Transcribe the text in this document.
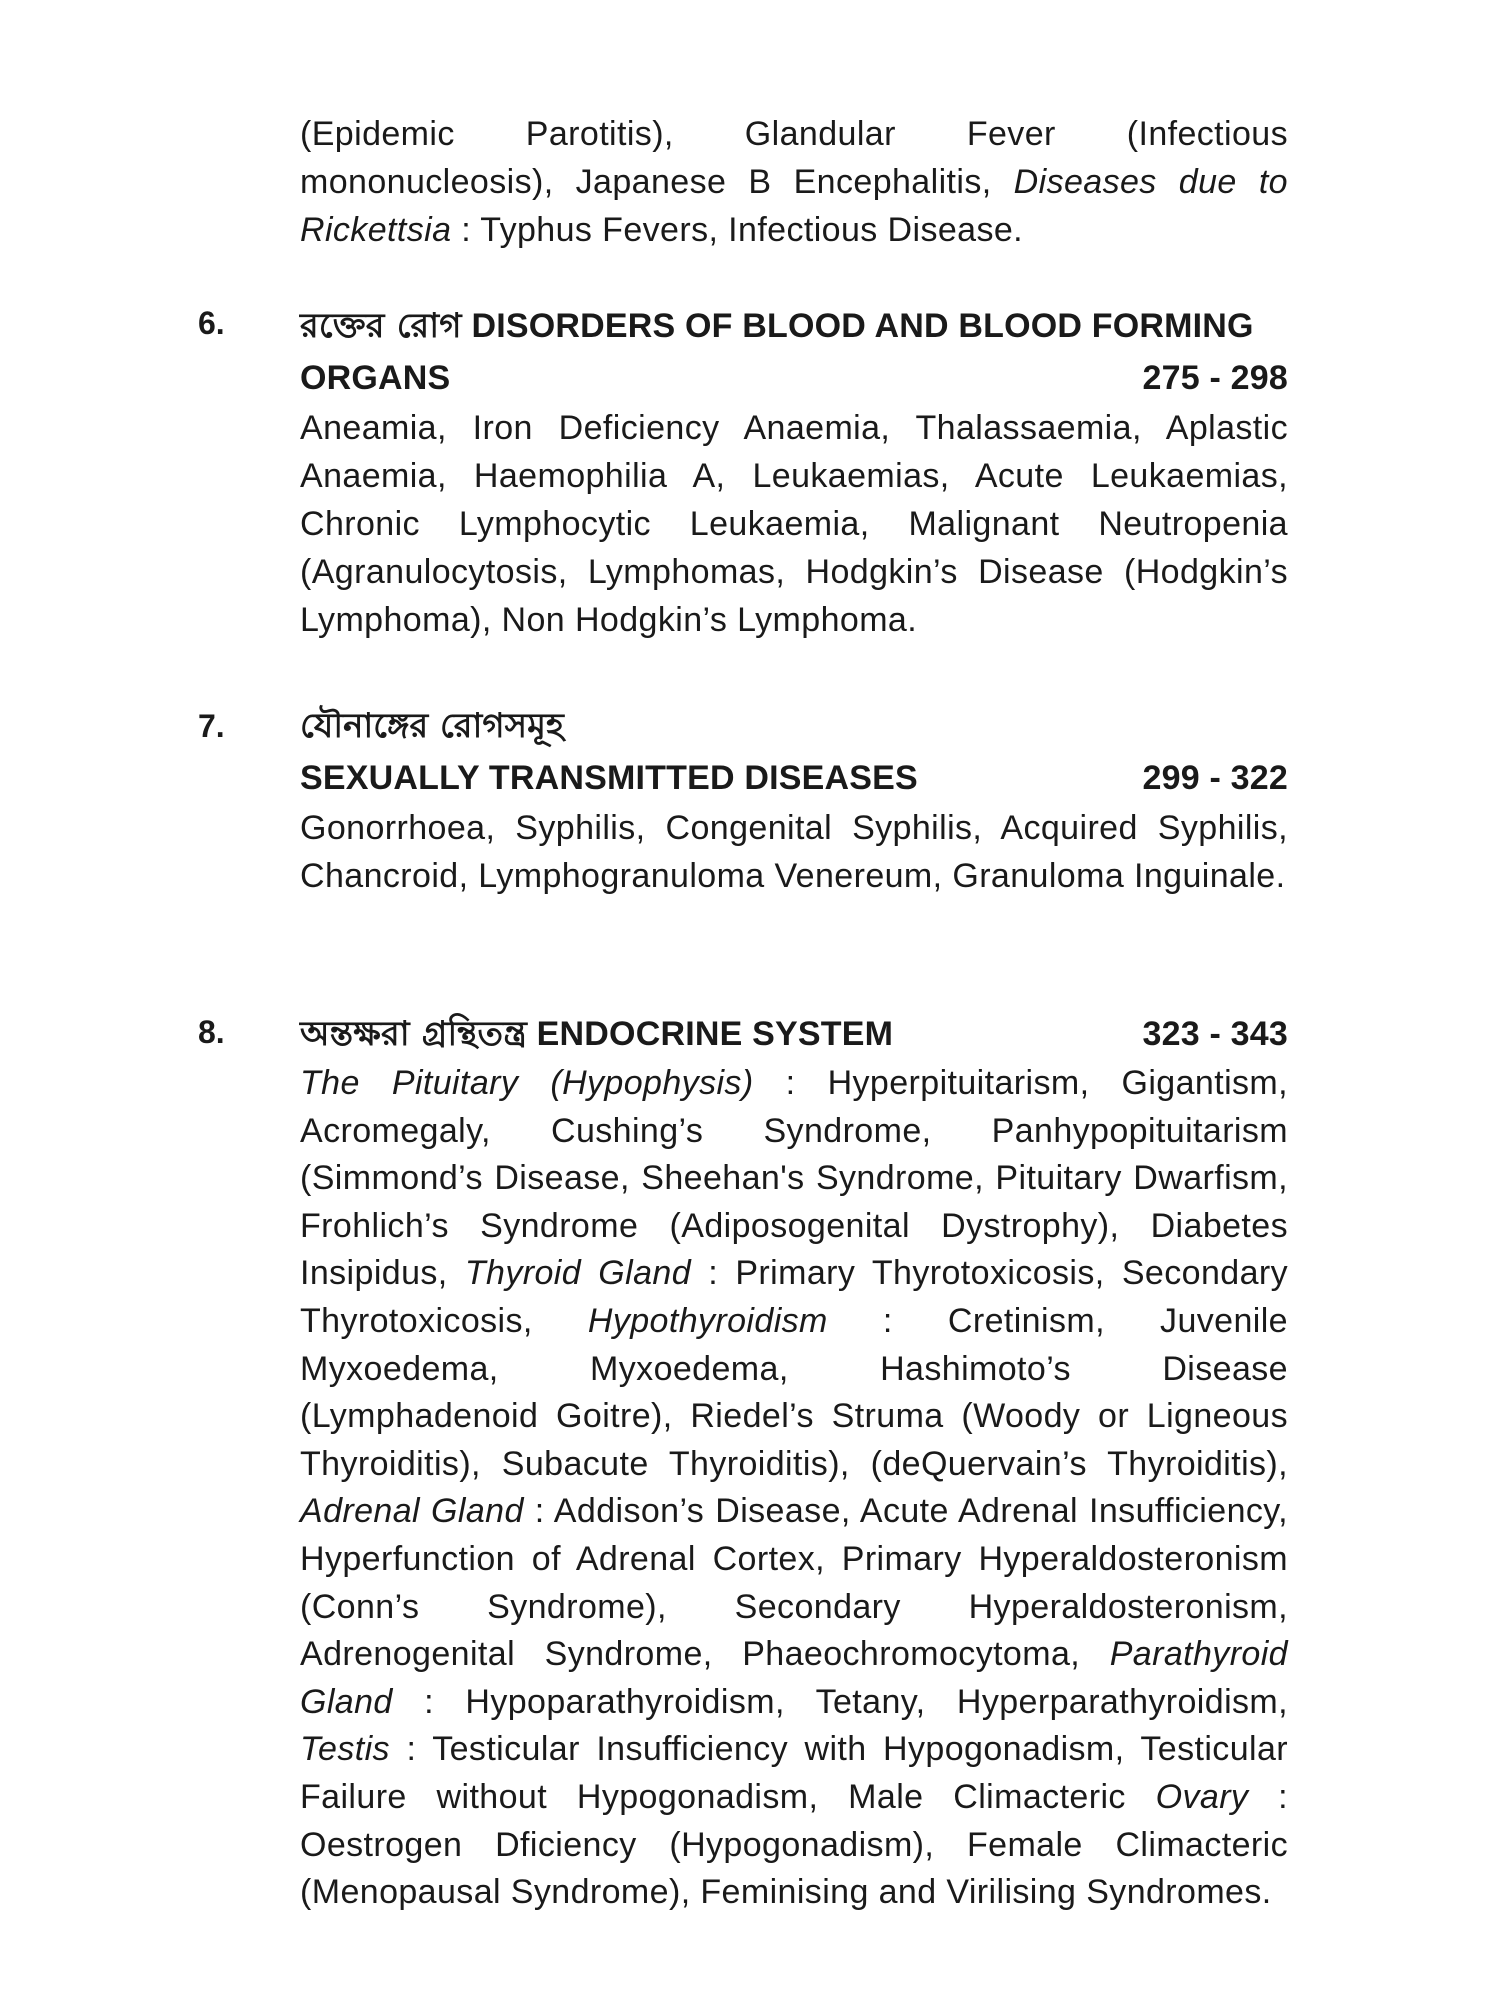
(Epidemic Parotitis), Glandular Fever (Infectious mononucleosis), Japanese B Encephalitis, Diseases due to Rickettsia : Typhus Fevers, Infectious Disease.

6. রক্তের রোগ DISORDERS OF BLOOD AND BLOOD FORMING

ORGANS	275 - 298

Aneamia, Iron Deficiency Anaemia, Thalassaemia, Aplastic Anaemia, Haemophilia A, Leukaemias, Acute Leukaemias, Chronic Lymphocytic Leukaemia, Malignant Neutropenia (Agranulocytosis, Lymphomas, Hodgkin’s Disease (Hodgkin’s Lymphoma), Non Hodgkin’s Lymphoma.

7. যৌনাঙ্গের রোগসমূহ

SEXUALLY TRANSMITTED DISEASES	299 - 322

Gonorrhoea, Syphilis, Congenital Syphilis, Acquired Syphilis, Chancroid, Lymphogranuloma Venereum, Granuloma Inguinale.

8. অন্তক্ষরা গ্রন্থিতন্ত্র ENDOCRINE SYSTEM	323 - 343

The Pituitary (Hypophysis) : Hyperpituitarism, Gigantism, Acromegaly, Cushing’s Syndrome, Panhypopituitarism (Simmond’s Disease, Sheehan's Syndrome, Pituitary Dwarfism, Frohlich’s Syndrome (Adiposogenital Dystrophy), Diabetes Insipidus, Thyroid Gland : Primary Thyrotoxicosis, Secondary Thyrotoxicosis, Hypothyroidism : Cretinism, Juvenile Myxoedema, Myxoedema, Hashimoto’s Disease (Lymphadenoid Goitre), Riedel’s Struma (Woody or Ligneous Thyroiditis), Subacute Thyroiditis), (deQuervain’s Thyroiditis), Adrenal Gland : Addison’s Disease, Acute Adrenal Insufficiency, Hyperfunction of Adrenal Cortex, Primary Hyperaldosteronism (Conn’s Syndrome), Secondary Hyperaldosteronism, Adrenogenital Syndrome, Phaeochromocytoma, Parathyroid Gland : Hypoparathyroidism, Tetany, Hyperparathyroidism, Testis : Testicular Insufficiency with Hypogonadism, Testicular Failure without Hypogonadism, Male Climacteric Ovary : Oestrogen Dficiency (Hypogonadism), Female Climacteric (Menopausal Syndrome), Feminising and Virilising Syndromes.
